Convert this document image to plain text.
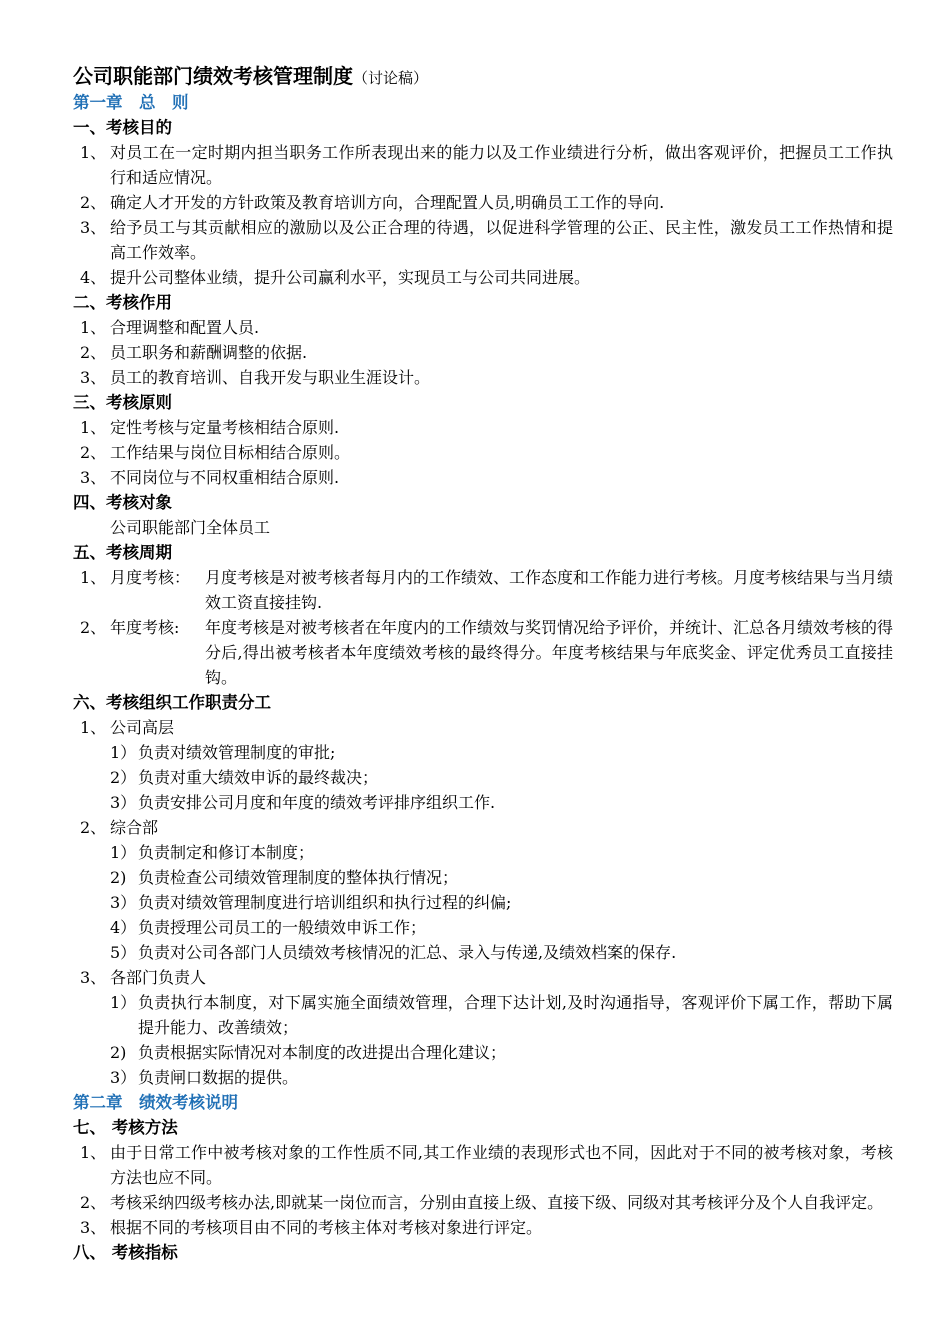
公司职能部门绩效考核管理制度（讨论稿）
第一章　总　则
一、考核目的
1、 对员工在一定时期内担当职务工作所表现出来的能力以及工作业绩进行分析，做出客观评价，把握员工工作执行和适应情况。
2、 确定人才开发的方针政策及教育培训方向，合理配置人员,明确员工工作的导向.
3、 给予员工与其贡献相应的激励以及公正合理的待遇，以促进科学管理的公正、民主性，激发员工工作热情和提高工作效率。
4、 提升公司整体业绩，提升公司赢利水平，实现员工与公司共同进展。
二、考核作用
1、 合理调整和配置人员.
2、 员工职务和薪酬调整的依据.
3、 员工的教育培训、自我开发与职业生涯设计。
三、考核原则
1、 定性考核与定量考核相结合原则.
2、 工作结果与岗位目标相结合原则。
3、 不同岗位与不同权重相结合原则.
四、考核对象
公司职能部门全体员工
五、考核周期
1、 月度考核： 月度考核是对被考核者每月内的工作绩效、工作态度和工作能力进行考核。月度考核结果与当月绩效工资直接挂钩.
2、 年度考核: 年度考核是对被考核者在年度内的工作绩效与奖罚情况给予评价，并统计、汇总各月绩效考核的得分后,得出被考核者本年度绩效考核的最终得分。年度考核结果与年底奖金、评定优秀员工直接挂钩。
六、考核组织工作职责分工
1、 公司高层
1） 负责对绩效管理制度的审批;
2） 负责对重大绩效申诉的最终裁决；
3） 负责安排公司月度和年度的绩效考评排序组织工作.
2、 综合部
1） 负责制定和修订本制度；
2) 负责检查公司绩效管理制度的整体执行情况；
3） 负责对绩效管理制度进行培训组织和执行过程的纠偏;
4） 负责授理公司员工的一般绩效申诉工作；
5） 负责对公司各部门人员绩效考核情况的汇总、录入与传递,及绩效档案的保存.
3、 各部门负责人
1） 负责执行本制度，对下属实施全面绩效管理，合理下达计划,及时沟通指导，客观评价下属工作，帮助下属提升能力、改善绩效；
2) 负责根据实际情况对本制度的改进提出合理化建议；
3） 负责闸口数据的提供。
第二章　绩效考核说明
七、 考核方法
1、 由于日常工作中被考核对象的工作性质不同,其工作业绩的表现形式也不同，因此对于不同的被考核对象，考核方法也应不同。
2、 考核采纳四级考核办法,即就某一岗位而言，分别由直接上级、直接下级、同级对其考核评分及个人自我评定。
3、 根据不同的考核项目由不同的考核主体对考核对象进行评定。
八、 考核指标
